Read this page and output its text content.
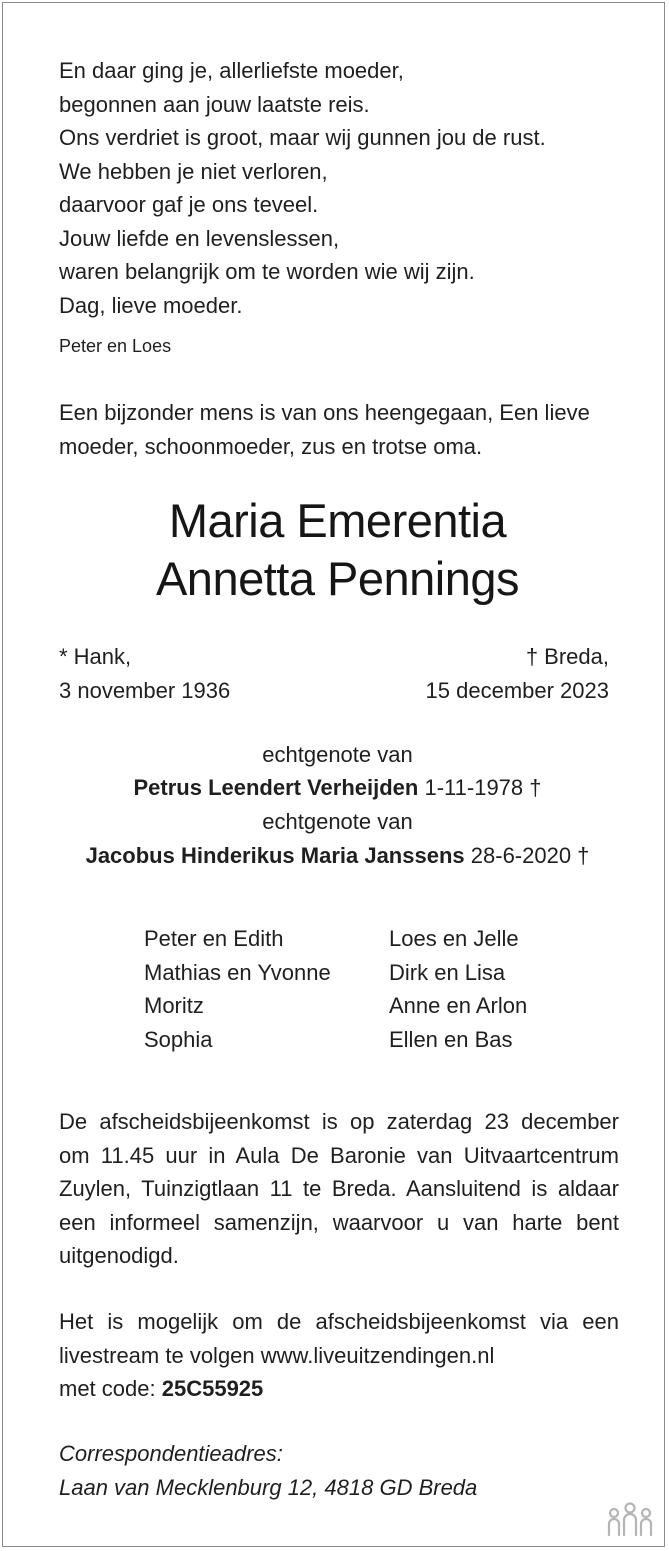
En daar ging je, allerliefste moeder,
begonnen aan jouw laatste reis.
Ons verdriet is groot, maar wij gunnen jou de rust.
We hebben je niet verloren,
daarvoor gaf je ons teveel.
Jouw liefde en levenslessen,
waren belangrijk om te worden wie wij zijn.
Dag, lieve moeder.
Peter en Loes
Een bijzonder mens is van ons heengegaan, Een lieve moeder, schoonmoeder, zus en trotse oma.
Maria Emerentia
Annetta Pennings
* Hank,
3 november 1936
† Breda,
15 december 2023
echtgenote van
Petrus Leendert Verheijden 1-11-1978 †
echtgenote van
Jacobus Hinderikus Maria Janssens 28-6-2020 †
Peter en Edith
Mathias en Yvonne
Moritz
Sophia
Loes en Jelle
Dirk en Lisa
Anne en Arlon
Ellen en Bas
De afscheidsbijeenkomst is op zaterdag 23 december om 11.45 uur in Aula De Baronie van Uitvaartcentrum Zuylen, Tuinzigtlaan 11 te Breda. Aansluitend is aldaar een informeel samenzijn, waarvoor u van harte bent uitgenodigd.
Het is mogelijk om de afscheidsbijeenkomst via een livestream te volgen www.liveuitzendingen.nl
met code: 25C55925
Correspondentieadres:
Laan van Mecklenburg 12, 4818 GD Breda
